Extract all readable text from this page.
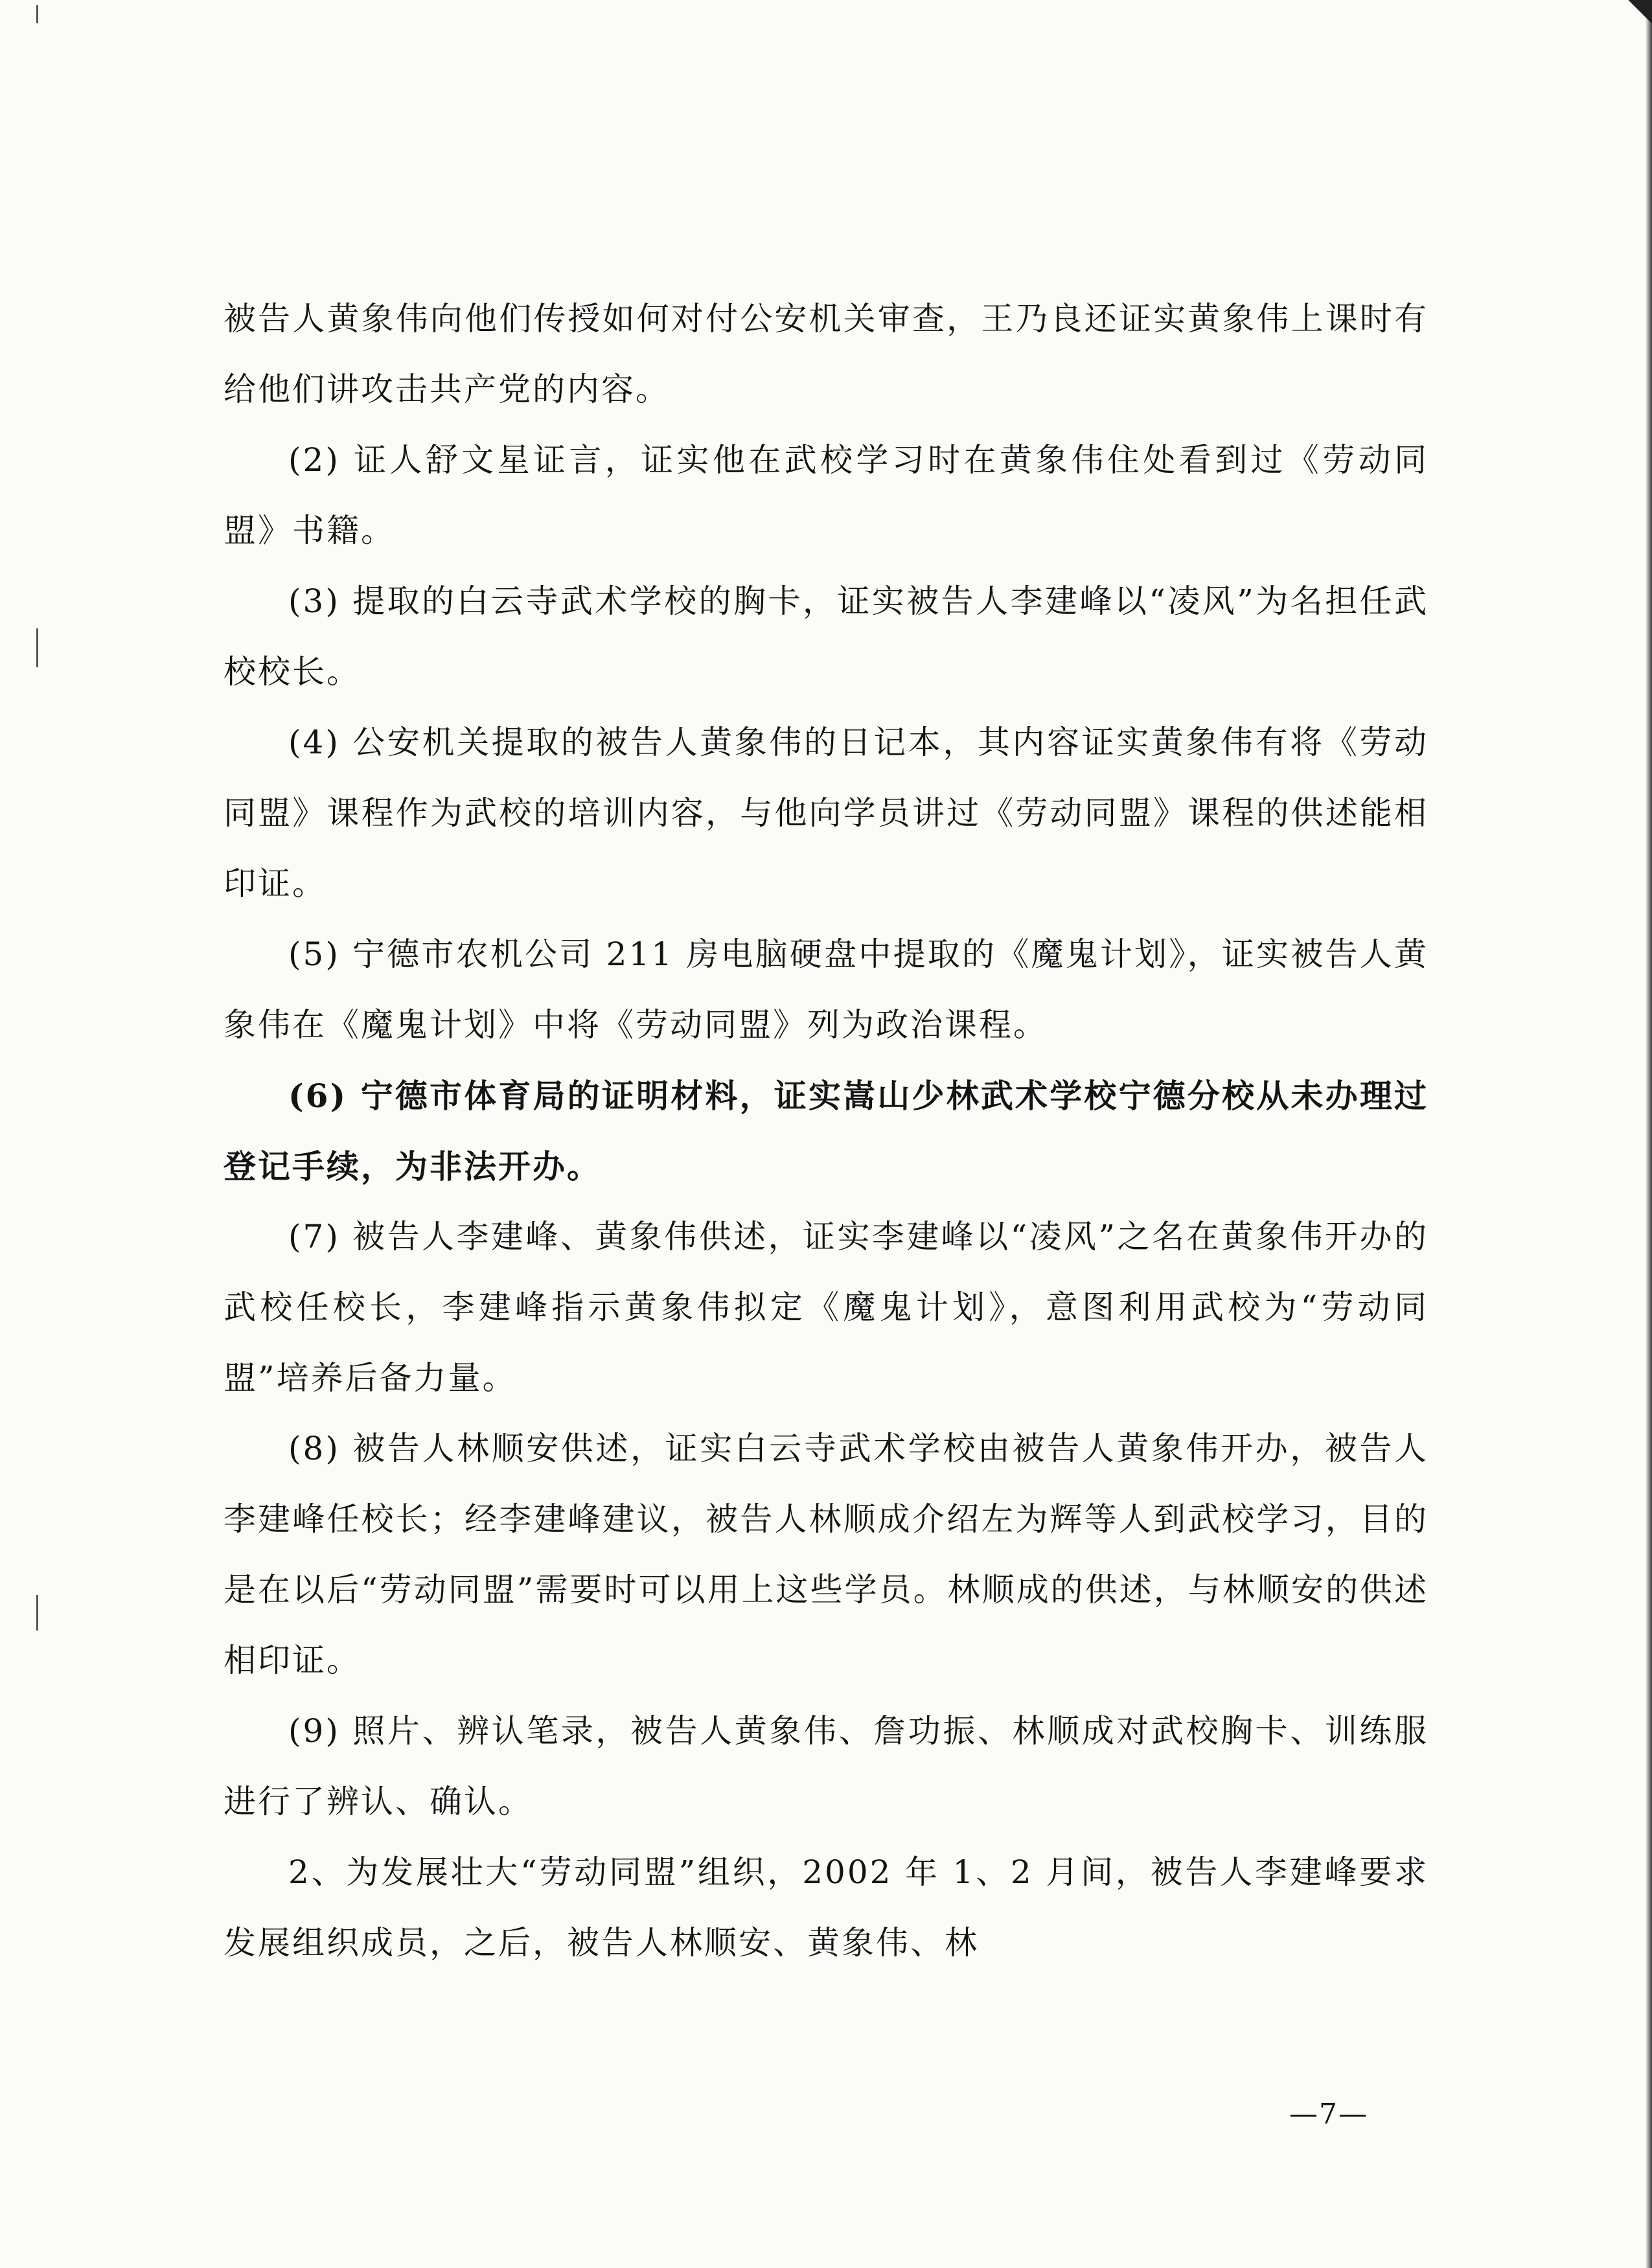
被告人黄象伟向他们传授如何对付公安机关审查，王乃良还证实黄象伟上课时有给他们讲攻击共产党的内容。

(2) 证人舒文星证言，证实他在武校学习时在黄象伟住处看到过《劳动同盟》书籍。

(3) 提取的白云寺武术学校的胸卡，证实被告人李建峰以“凌风”为名担任武校校长。

(4) 公安机关提取的被告人黄象伟的日记本，其内容证实黄象伟有将《劳动同盟》课程作为武校的培训内容，与他向学员讲过《劳动同盟》课程的供述能相印证。

(5) 宁德市农机公司 211 房电脑硬盘中提取的《魔鬼计划》，证实被告人黄象伟在《魔鬼计划》中将《劳动同盟》列为政治课程。

(6) 宁德市体育局的证明材料，证实嵩山少林武术学校宁德分校从未办理过登记手续，为非法开办。

(7) 被告人李建峰、黄象伟供述，证实李建峰以“凌风”之名在黄象伟开办的武校任校长，李建峰指示黄象伟拟定《魔鬼计划》，意图利用武校为“劳动同盟”培养后备力量。

(8) 被告人林顺安供述，证实白云寺武术学校由被告人黄象伟开办，被告人李建峰任校长；经李建峰建议，被告人林顺成介绍左为辉等人到武校学习，目的是在以后“劳动同盟”需要时可以用上这些学员。林顺成的供述，与林顺安的供述相印证。

(9) 照片、辨认笔录，被告人黄象伟、詹功振、林顺成对武校胸卡、训练服进行了辨认、确认。

2、为发展壮大“劳动同盟”组织，2002 年 1、2 月间，被告人李建峰要求发展组织成员，之后，被告人林顺安、黄象伟、林

—7—
